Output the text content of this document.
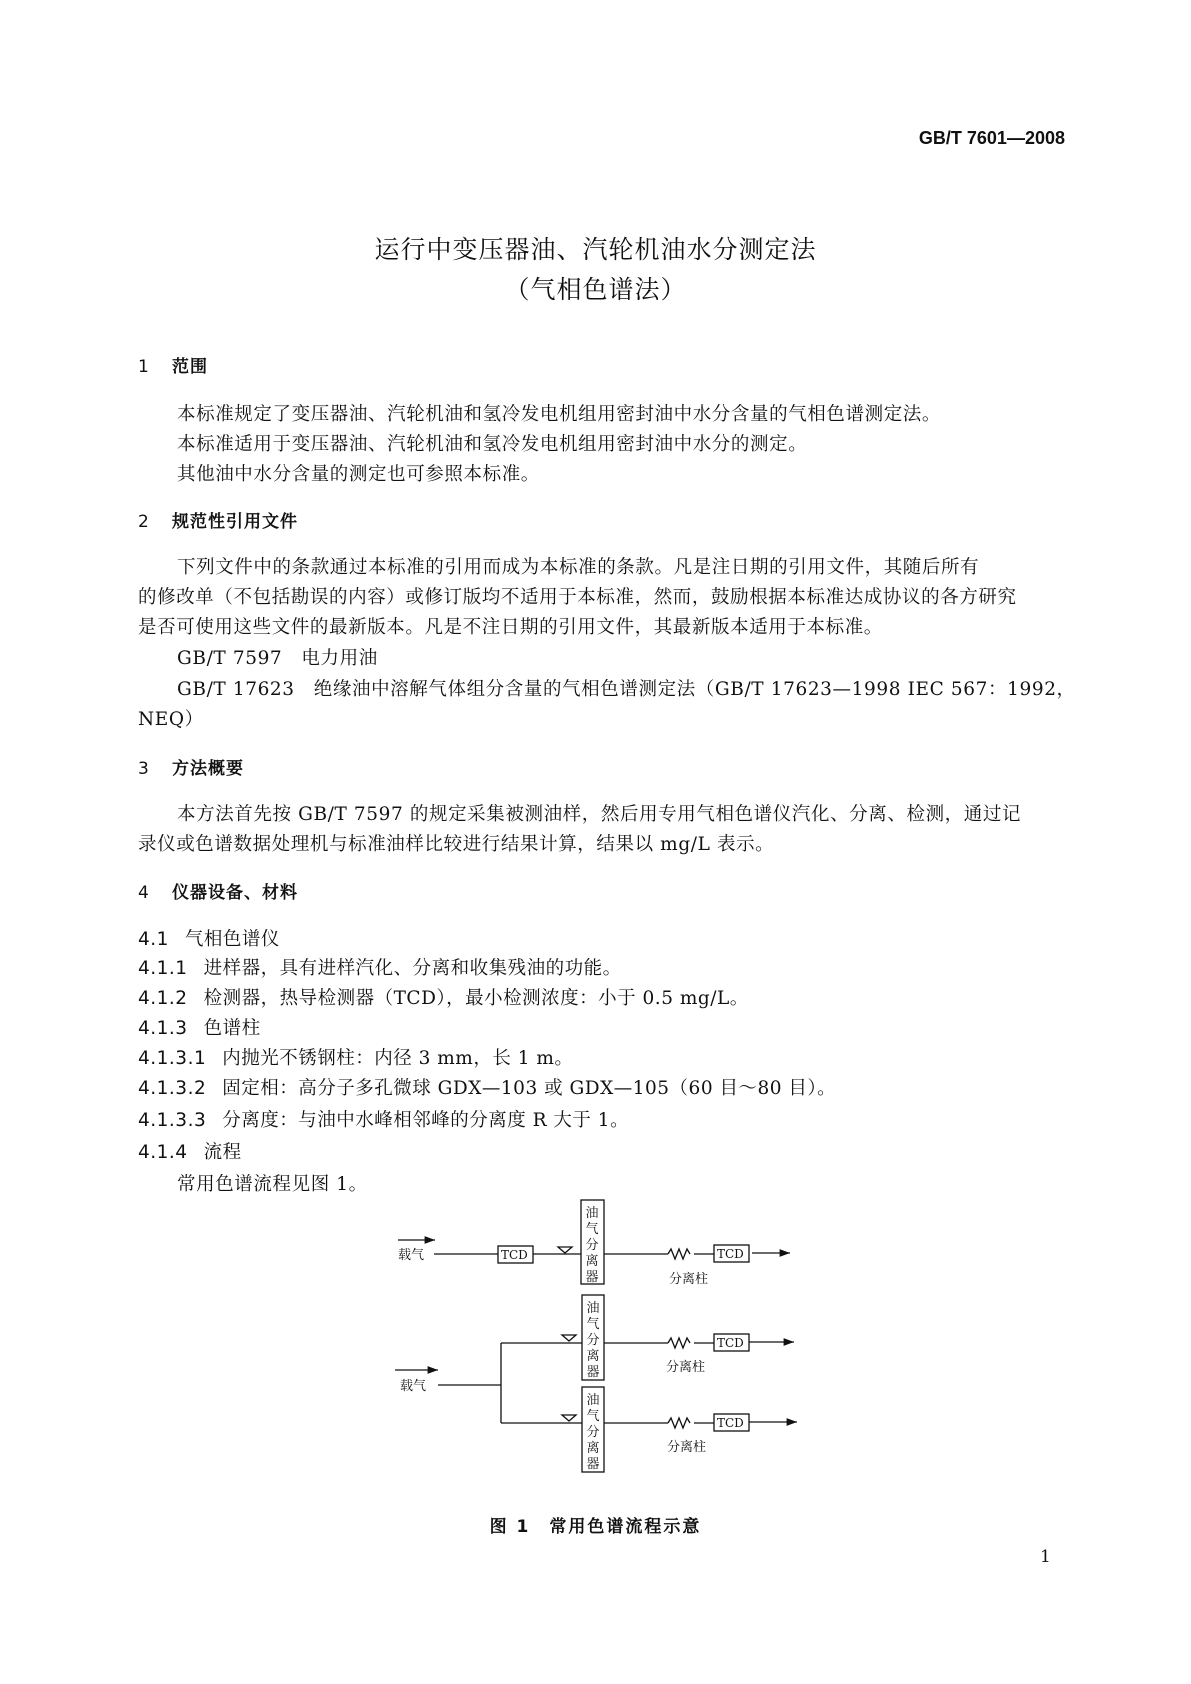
GB/T 7601—2008
运行中变压器油、汽轮机油水分测定法
（气相色谱法）
1 范围
本标准规定了变压器油、汽轮机油和氢冷发电机组用密封油中水分含量的气相色谱测定法。
本标准适用于变压器油、汽轮机油和氢冷发电机组用密封油中水分的测定。
其他油中水分含量的测定也可参照本标准。
2 规范性引用文件
下列文件中的条款通过本标准的引用而成为本标准的条款。凡是注日期的引用文件，其随后所有
的修改单（不包括勘误的内容）或修订版均不适用于本标准，然而，鼓励根据本标准达成协议的各方研究
是否可使用这些文件的最新版本。凡是不注日期的引用文件，其最新版本适用于本标准。
GB/T 7597　电力用油
GB/T 17623　绝缘油中溶解气体组分含量的气相色谱测定法（GB/T 17623—1998 IEC 567：1992，
NEQ）
3 方法概要
本方法首先按 GB/T 7597 的规定采集被测油样，然后用专用气相色谱仪汽化、分离、检测，通过记
录仪或色谱数据处理机与标准油样比较进行结果计算，结果以 mg/L 表示。
4 仪器设备、材料
4.1 气相色谱仪
4.1.1 进样器，具有进样汽化、分离和收集残油的功能。
4.1.2 检测器，热导检测器（TCD），最小检测浓度：小于 0.5 mg/L。
4.1.3 色谱柱
4.1.3.1 内抛光不锈钢柱：内径 3 mm，长 1 m。
4.1.3.2 固定相：高分子多孔微球 GDX—103 或 GDX—105（60 目～80 目）。
4.1.3.3 分离度：与油中水峰相邻峰的分离度 R 大于 1。
4.1.4 流程
常用色谱流程见图 1。
载气
载气
TCD	TCD
TCD
TCD
分离柱
分离柱
分离柱
油
气
分
离
器
油
气
分
离
器
油
气
分
离
器
图 1　常用色谱流程示意
1
